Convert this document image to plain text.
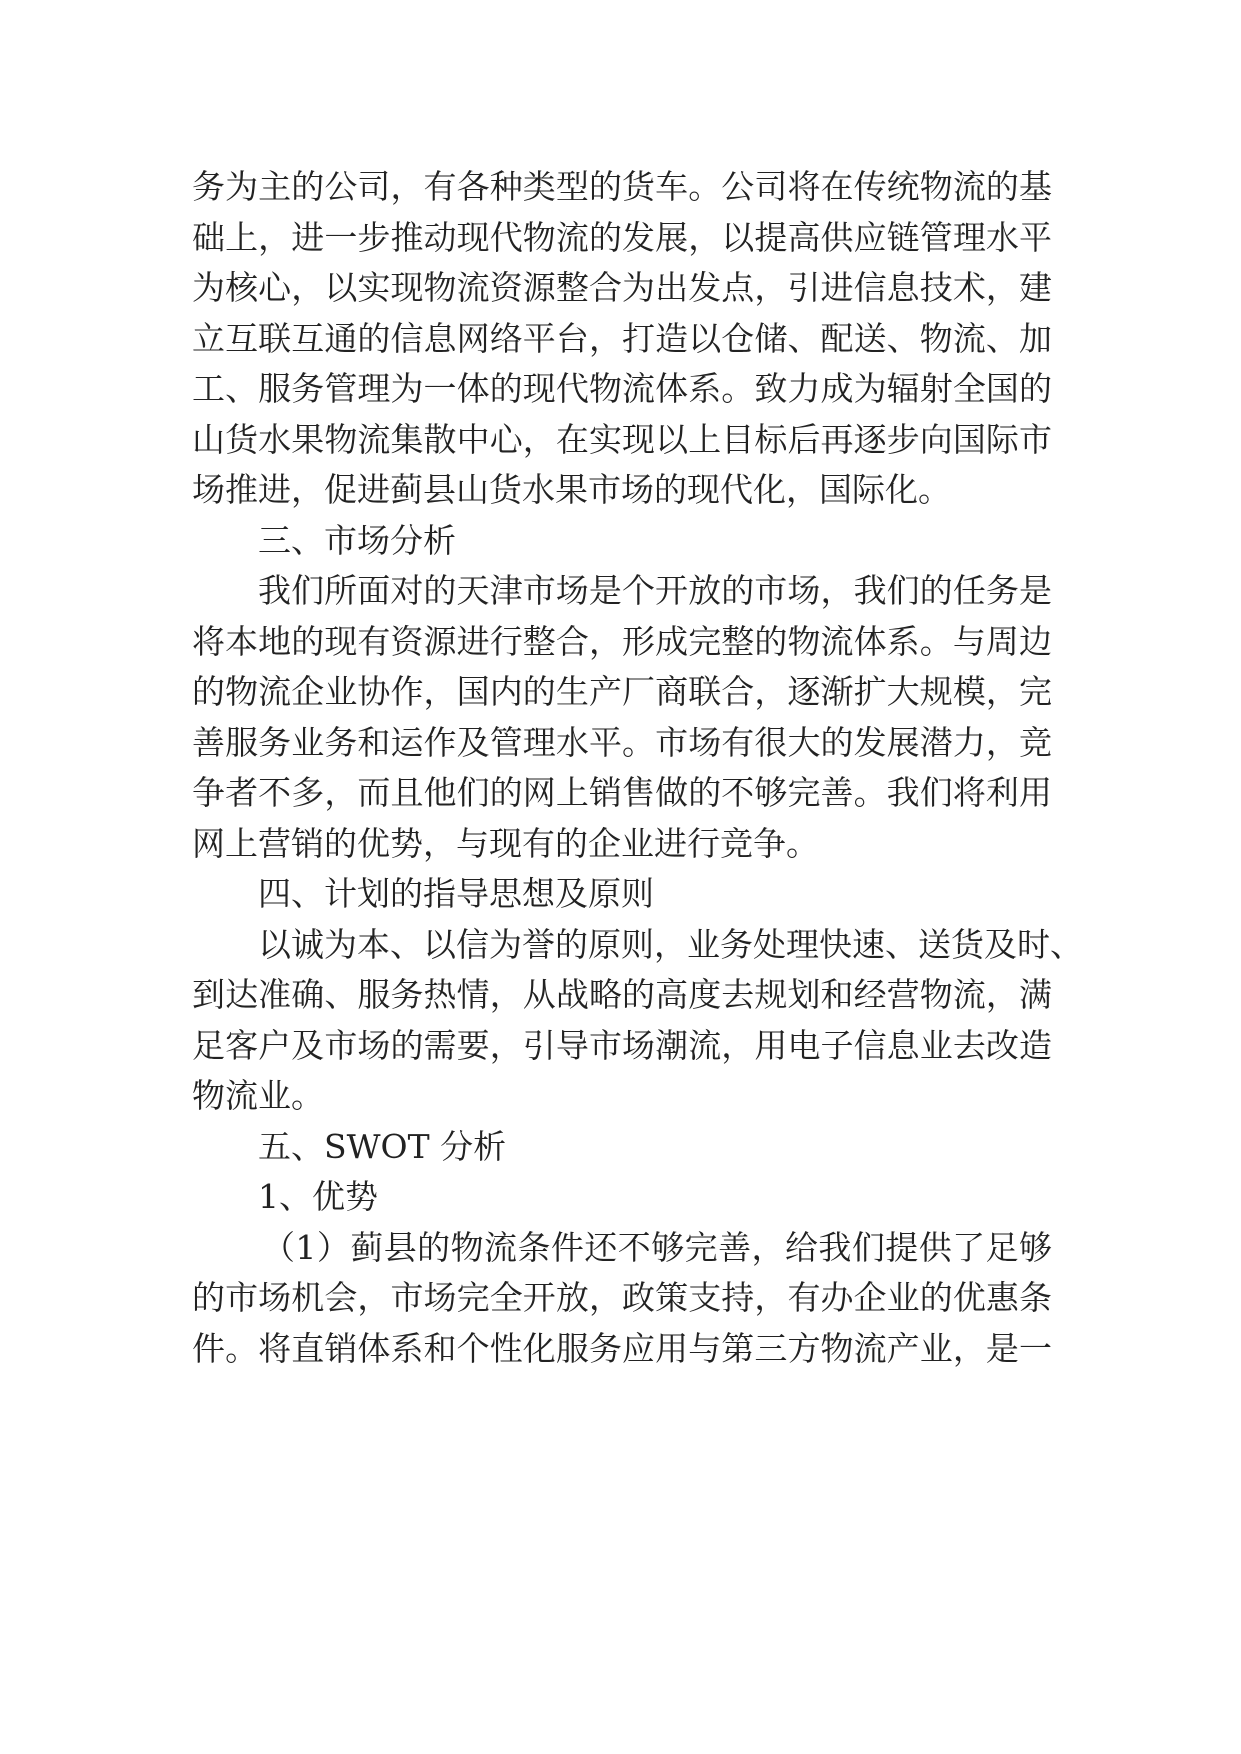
务为主的公司，有各种类型的货车。公司将在传统物流的基
础上，进一步推动现代物流的发展，以提高供应链管理水平
为核心，以实现物流资源整合为出发点，引进信息技术，建
立互联互通的信息网络平台，打造以仓储、配送、物流、加
工、服务管理为一体的现代物流体系。致力成为辐射全国的
山货水果物流集散中心，在实现以上目标后再逐步向国际市
场推进，促进蓟县山货水果市场的现代化，国际化。
三、市场分析
我们所面对的天津市场是个开放的市场，我们的任务是
将本地的现有资源进行整合，形成完整的物流体系。与周边
的物流企业协作，国内的生产厂商联合，逐渐扩大规模，完
善服务业务和运作及管理水平。市场有很大的发展潜力，竞
争者不多，而且他们的网上销售做的不够完善。我们将利用
网上营销的优势，与现有的企业进行竞争。
四、计划的指导思想及原则
以诚为本、以信为誉的原则，业务处理快速、送货及时、
到达准确、服务热情，从战略的高度去规划和经营物流，满
足客户及市场的需要，引导市场潮流，用电子信息业去改造
物流业。
五、SWOT 分析
1、优势
（1）蓟县的物流条件还不够完善，给我们提供了足够
的市场机会，市场完全开放，政策支持，有办企业的优惠条
件。将直销体系和个性化服务应用与第三方物流产业，是一
